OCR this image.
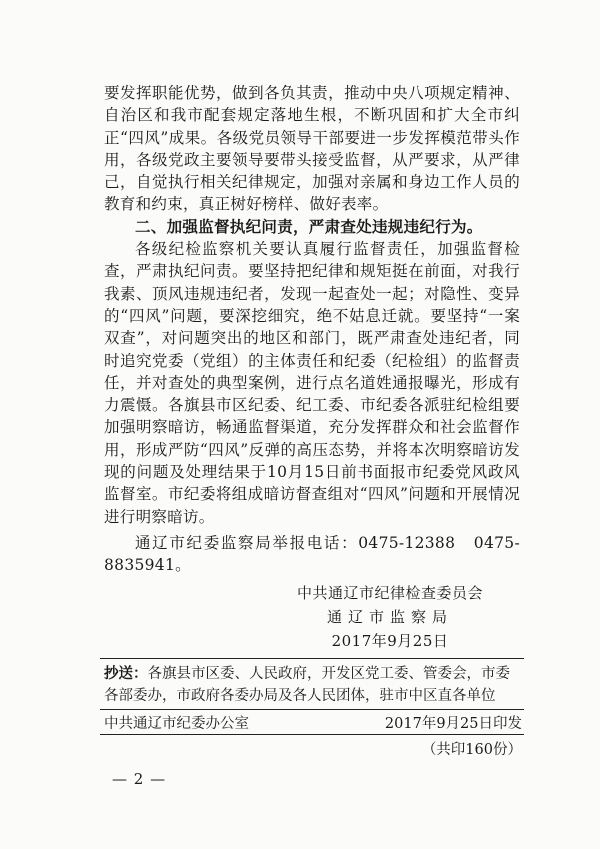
要发挥职能优势，做到各负其责，推动中央八项规定精神、自治区和我市配套规定落地生根，不断巩固和扩大全市纠正“四风”成果。各级党员领导干部要进一步发挥模范带头作用，各级党政主要领导要带头接受监督，从严要求，从严律己，自觉执行相关纪律规定，加强对亲属和身边工作人员的教育和约束，真正树好榜样、做好表率。

二、加强监督执纪问责，严肃查处违规违纪行为。

各级纪检监察机关要认真履行监督责任，加强监督检查，严肃执纪问责。要坚持把纪律和规矩挺在前面，对我行我素、顶风违规违纪者，发现一起查处一起；对隐性、变异的“四风”问题，要深挖细究，绝不姑息迁就。要坚持“一案双查”，对问题突出的地区和部门，既严肃查处违纪者，同时追究党委（党组）的主体责任和纪委（纪检组）的监督责任，并对查处的典型案例，进行点名道姓通报曝光，形成有力震慑。各旗县市区纪委、纪工委、市纪委各派驻纪检组要加强明察暗访，畅通监督渠道，充分发挥群众和社会监督作用，形成严防“四风”反弹的高压态势，并将本次明察暗访发现的问题及处理结果于10月15日前书面报市纪委党风政风监督室。市纪委将组成暗访督查组对“四风”问题和开展情况进行明察暗访。

通辽市纪委监察局举报电话：0475-12388　0475-8835941。

中共通辽市纪律检查委员会
通辽市监察局
2017年9月25日
抄送：各旗县市区委、人民政府，开发区党工委、管委会，市委各部委办，市政府各委办局及各人民团体，驻市中区直各单位
中共通辽市纪委办公室	2017年9月25日印发
（共印160份）
— 2 —
